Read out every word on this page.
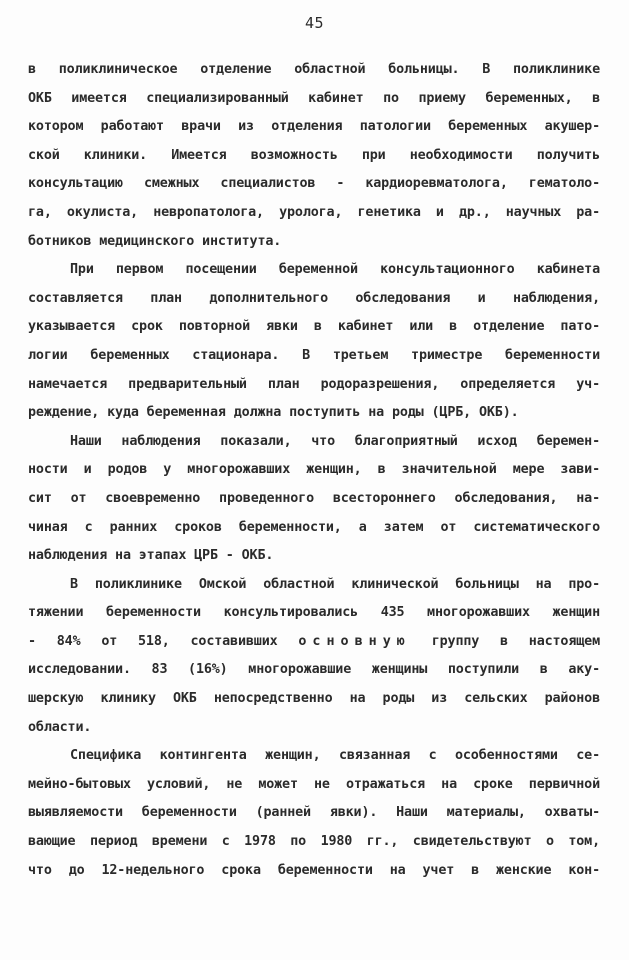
45
в поликлиническое отделение областной больницы. В поликлинике
ОКБ имеется специализированный кабинет по приему беременных, в
котором работают врачи из отделения патологии беременных акушер-
ской клиники. Имеется возможность при необходимости получить
консультацию смежных специалистов - кардиоревматолога, гематоло-
га, окулиста, невропатолога, уролога, генетика и др., научных ра-
ботников медицинского института.
При первом посещении беременной консультационного кабинета
составляется план дополнительного обследования и наблюдения,
указывается срок повторной явки в кабинет или в отделение пато-
логии беременных стационара. В третьем триместре беременности
намечается предварительный план родоразрешения, определяется уч-
реждение, куда беременная должна поступить на роды (ЦРБ, ОКБ).
Наши наблюдения показали, что благоприятный исход беремен-
ности и родов у многорожавших женщин, в значительной мере зави-
сит от своевременно проведенного всестороннего обследования, на-
чиная с ранних сроков беременности, а затем от систематического
наблюдения на этапах ЦРБ - ОКБ.
В поликлинике Омской областной клинической больницы на про-
тяжении беременности консультировались 435 многорожавших женщин
- 84% от 518, составивших основную группу в настоящем
исследовании. 83 (16%) многорожавшие женщины поступили в аку-
шерскую клинику ОКБ непосредственно на роды из сельских районов
области.
Специфика контингента женщин, связанная с особенностями се-
мейно-бытовых условий, не может не отражаться на сроке первичной
выявляемости беременности (ранней явки). Наши материалы, охваты-
вающие период времени с 1978 по 1980 гг., свидетельствуют о том,
что до 12-недельного срока беременности на учет в женские кон-
